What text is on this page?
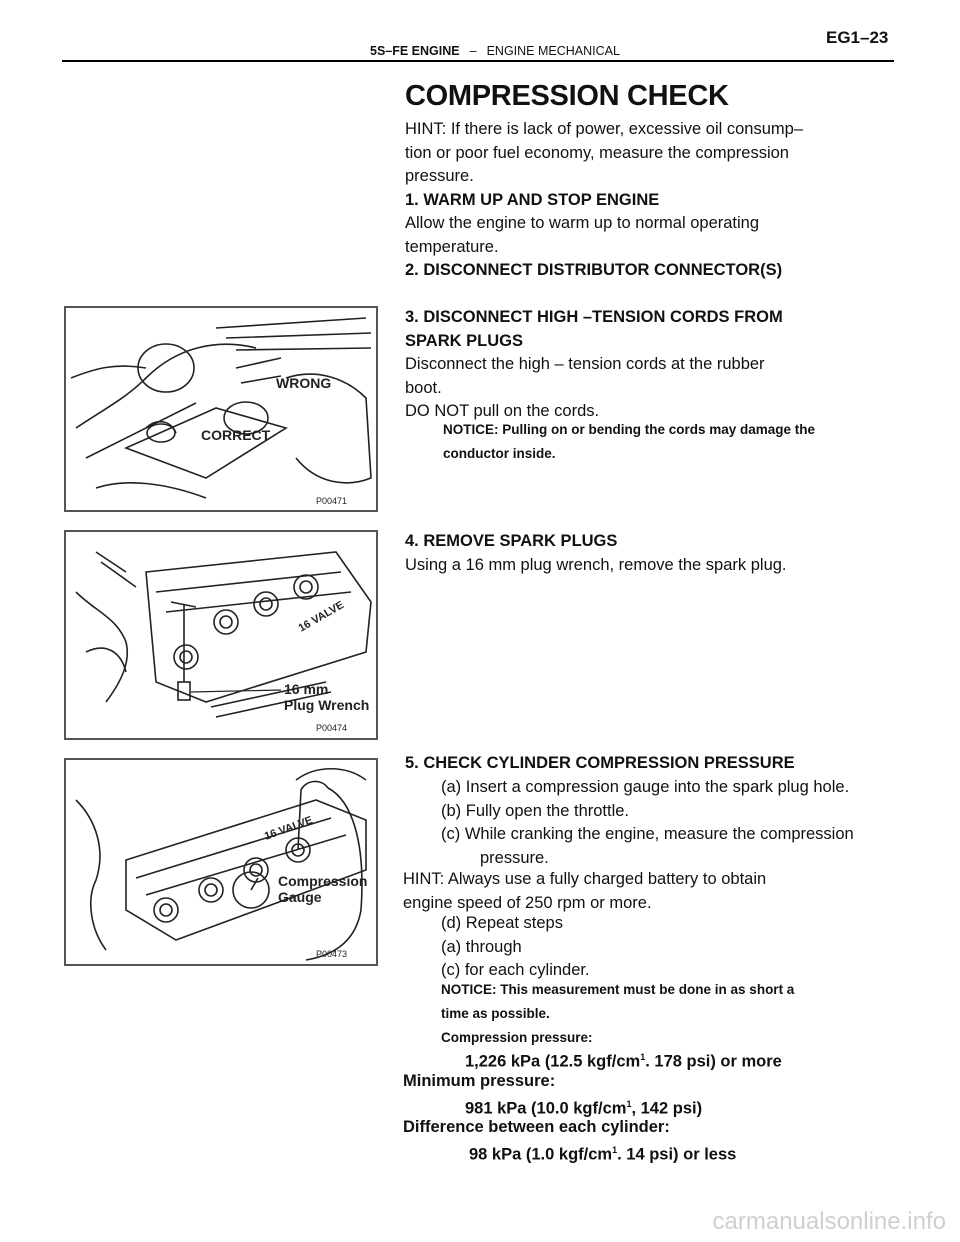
EG1–23
5S–FE ENGINE – ENGINE MECHANICAL
COMPRESSION CHECK
HINT: If there is lack of power, excessive oil consump–
tion or poor fuel economy, measure the compression
pressure.
1. WARM UP AND STOP ENGINE
Allow the engine to warm up to normal operating
temperature.
2. DISCONNECT DISTRIBUTOR CONNECTOR(S)
3. DISCONNECT HIGH –TENSION CORDS FROM
SPARK PLUGS
Disconnect the high – tension cords at the rubber
boot.
DO NOT pull on the cords.
NOTICE: Pulling on or bending the cords may damage the
conductor inside.
4. REMOVE SPARK PLUGS
Using a 16 mm plug wrench, remove the spark plug.
5. CHECK CYLINDER COMPRESSION PRESSURE
(a) Insert a compression gauge into the spark plug hole.
(b) Fully open the throttle.
(c) While cranking the engine, measure the compression
pressure.
HINT: Always use a fully charged battery to obtain
engine speed of 250 rpm or more.
(d) Repeat steps
(a) through
(c) for each cylinder.
NOTICE: This measurement must be done in as short a
time as possible.
Compression pressure:
1,226 kPa (12.5 kgf/$cm^1$. 178 psi) or more
Minimum pressure:
981 kPa (10.0 kgf/$cm^1$, 142 psi)
Difference between each cylinder:
98 kPa (1.0 kgf/$cm^1$. 14 psi) or less
WRONG
CORRECT
P00471
16 VALVE
16 mm
Plug Wrench
P00474
16 VALVE
Compression
Gauge
P00473
carmanualsonline.info
